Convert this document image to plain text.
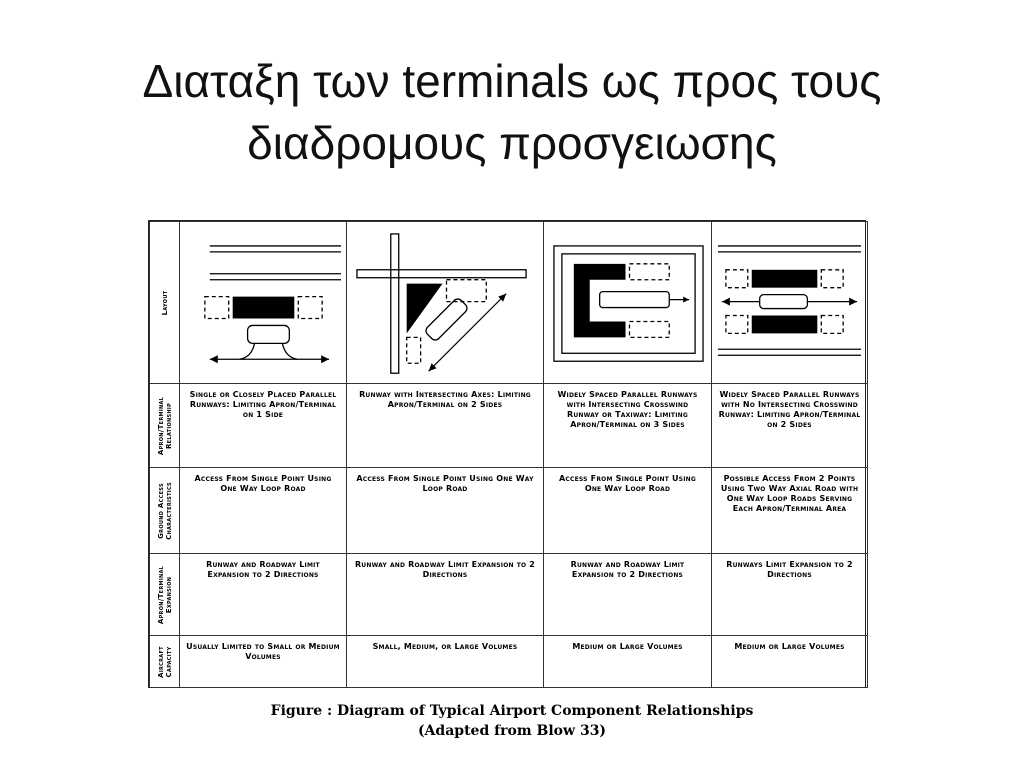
Διαταξη των terminals ως προς τους
διαδρομους προσγειωσης
Layout

Apron/Terminal
Relationship	Single or Closely Placed Parallel Runways: Limiting Apron/Terminal on 1 Side	Runway with Intersecting Axes: Limiting Apron/Terminal on 2 Sides	Widely Spaced Parallel Runways with Intersecting Crosswind Runway or Taxiway: Limiting Apron/Terminal on 3 Sides	Widely Spaced Parallel Runways with No Intersecting Crosswind Runway: Limiting Apron/Terminal on 2 Sides

Ground Access
Characteristics	Access From Single Point Using One Way Loop Road	Access From Single Point Using One Way Loop Road	Access From Single Point Using One Way Loop Road	Possible Access From 2 Points Using Two Way Axial Road with One Way Loop Roads Serving Each Apron/Terminal Area

Apron/Terminal
Expansion	Runway and Roadway Limit Expansion to 2 Directions	Runway and Roadway Limit Expansion to 2 Directions	Runway and Roadway Limit Expansion to 2 Directions	Runways Limit Expansion to 2 Directions

Aircraft
Capacity	Usually Limited to Small or Medium Volumes	Small, Medium, or Large Volumes	Medium or Large Volumes	Medium or Large Volumes
Figure : Diagram of Typical Airport Component Relationships
(Adapted from Blow 33)
